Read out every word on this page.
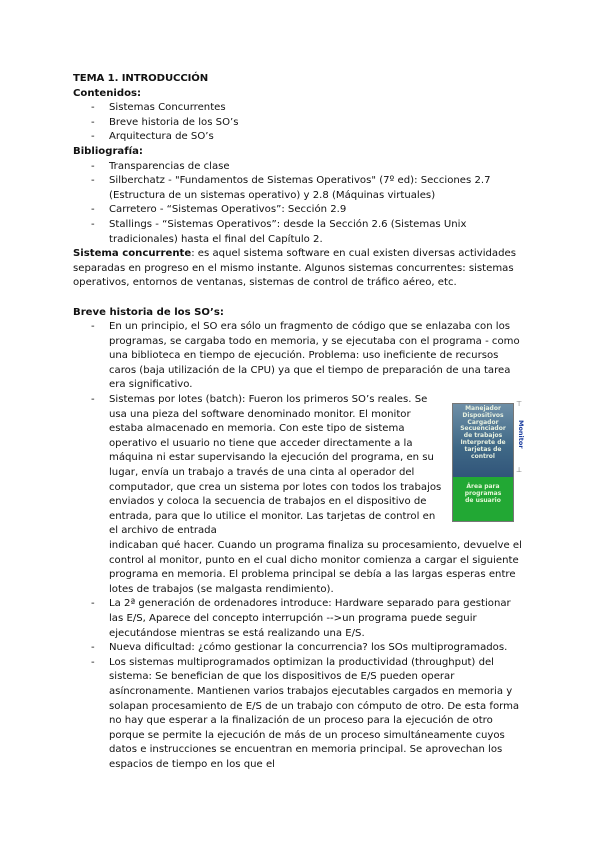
TEMA 1. INTRODUCCIÓN

Contenidos:

- Sistemas Concurrentes
- Breve historia de los SO’s
- Arquitectura de SO’s

Bibliografía:

- Transparencias de clase
- Silberchatz - "Fundamentos de Sistemas Operativos" (7º ed): Secciones 2.7 (Estructura de un sistemas operativo) y 2.8 (Máquinas virtuales)
- Carretero - “Sistemas Operativos”: Sección 2.9
- Stallings - “Sistemas Operativos”: desde la Sección 2.6 (Sistemas Unix tradicionales) hasta el final del Capítulo 2.

Sistema concurrente: es aquel sistema software en cual existen diversas actividades separadas en progreso en el mismo instante. Algunos sistemas concurrentes: sistemas operativos, entornos de ventanas, sistemas de control de tráfico aéreo, etc.

Breve historia de los SO’s:

- En un principio, el SO era sólo un fragmento de código que se enlazaba con los programas, se cargaba todo en memoria, y se ejecutaba con el programa - como una biblioteca en tiempo de ejecución. Problema: uso ineficiente de recursos caros (baja utilización de la CPU) ya que el tiempo de preparación de una tarea era significativo.
- Sistemas por lotes (batch): Fueron los primeros SO’s reales. Se usa una pieza del software denominado monitor. El monitor estaba almacenado en memoria. Con este tipo de sistema operativo el usuario no tiene que acceder directamente a la máquina ni estar supervisando la ejecución del programa, en su lugar, envía un trabajo a través de una cinta al operador del computador, que crea un sistema por lotes con todos los trabajos enviados y coloca la secuencia de trabajos en el dispositivo de entrada, para que lo utilice el monitor. Las tarjetas de control en el archivo de entrada
indicaban qué hacer. Cuando un programa finaliza su procesamiento, devuelve el control al monitor, punto en el cual dicho monitor comienza a cargar el siguiente programa en memoria. El problema principal se debía a las largas esperas entre lotes de trabajos (se malgasta rendimiento).
- La 2ª generación de ordenadores introduce: Hardware separado para gestionar las E/S, Aparece del concepto interrupción -->un programa puede seguir ejecutándose mientras se está realizando una E/S.
- Nueva dificultad: ¿cómo gestionar la concurrencia? los SOs multiprogramados.
- Los sistemas multiprogramados optimizan la productividad (throughput) del sistema: Se benefician de que los dispositivos de E/S pueden operar asíncronamente. Mantienen varios trabajos ejecutables cargados en memoria y solapan procesamiento de E/S de un trabajo con cómputo de otro. De esta forma no hay que esperar a la finalización de un proceso para la ejecución de otro porque se permite la ejecución de más de un proceso simultáneamente cuyos datos e instrucciones se encuentran en memoria principal. Se aprovechan los espacios de tiempo en los que el
Manejador
Dispositivos
Cargador
Secuenciador
de trabajos
Interprete de
tarjetas de
control
Área para
programas
de usuario
⊤
Monitor
⊥
